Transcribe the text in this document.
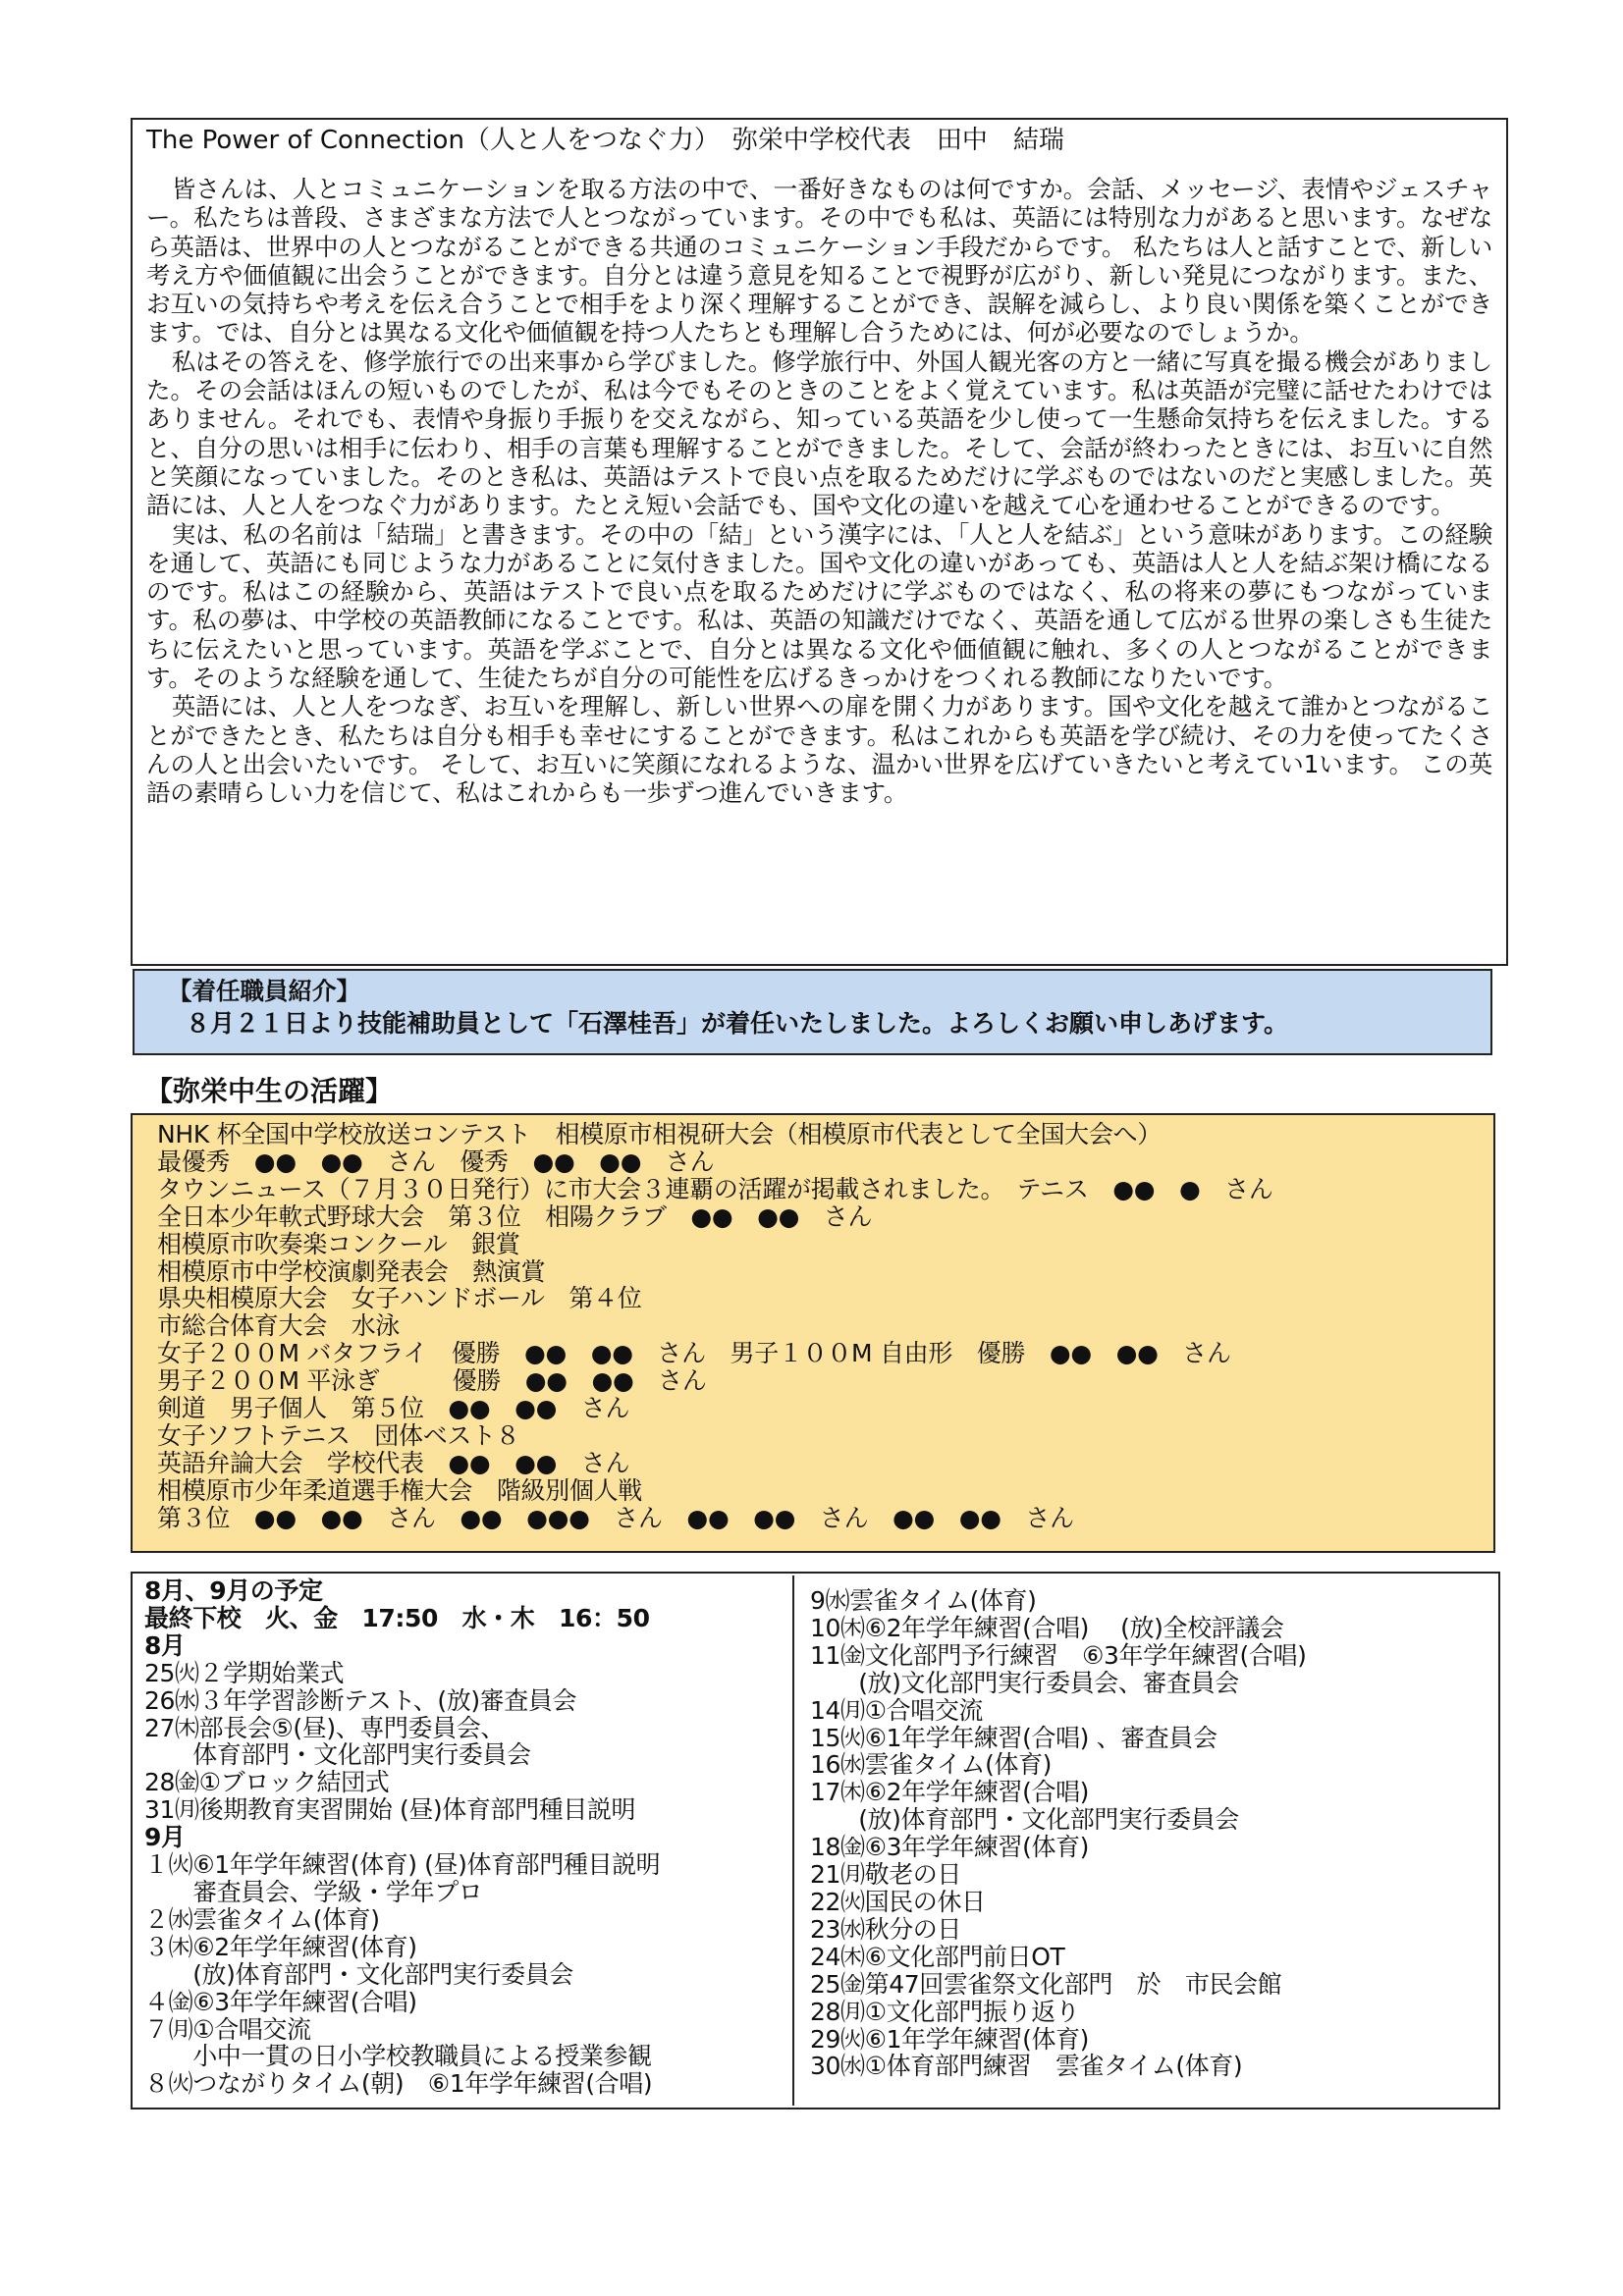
The Power of Connection（人と人をつなぐ力）　弥栄中学校代表　田中　結瑞

皆さんは、人とコミュニケーションを取る方法の中で、一番好きなものは何ですか。会話、メッセージ、表情やジェスチャー。私たちは普段、さまざまな方法で人とつながっています。その中でも私は、英語には特別な力があると思います。なぜなら英語は、世界中の人とつながることができる共通のコミュニケーション手段だからです。 私たちは人と話すことで、新しい考え方や価値観に出会うことができます。自分とは違う意見を知ることで視野が広がり、新しい発見につながります。また、お互いの気持ちや考えを伝え合うことで相手をより深く理解することができ、誤解を減らし、より良い関係を築くことができます。では、自分とは異なる文化や価値観を持つ人たちとも理解し合うためには、何が必要なのでしょうか。

私はその答えを、修学旅行での出来事から学びました。修学旅行中、外国人観光客の方と一緒に写真を撮る機会がありました。その会話はほんの短いものでしたが、私は今でもそのときのことをよく覚えています。私は英語が完璧に話せたわけではありません。それでも、表情や身振り手振りを交えながら、知っている英語を少し使って一生懸命気持ちを伝えました。すると、自分の思いは相手に伝わり、相手の言葉も理解することができました。そして、会話が終わったときには、お互いに自然と笑顔になっていました。そのとき私は、英語はテストで良い点を取るためだけに学ぶものではないのだと実感しました。英語には、人と人をつなぐ力があります。たとえ短い会話でも、国や文化の違いを越えて心を通わせることができるのです。

実は、私の名前は「結瑞」と書きます。その中の「結」という漢字には、「人と人を結ぶ」という意味があります。この経験を通して、英語にも同じような力があることに気付きました。国や文化の違いがあっても、英語は人と人を結ぶ架け橋になるのです。私はこの経験から、英語はテストで良い点を取るためだけに学ぶものではなく、私の将来の夢にもつながっています。私の夢は、中学校の英語教師になることです。私は、英語の知識だけでなく、英語を通して広がる世界の楽しさも生徒たちに伝えたいと思っています。英語を学ぶことで、自分とは異なる文化や価値観に触れ、多くの人とつながることができます。そのような経験を通して、生徒たちが自分の可能性を広げるきっかけをつくれる教師になりたいです。

英語には、人と人をつなぎ、お互いを理解し、新しい世界への扉を開く力があります。国や文化を越えて誰かとつながることができたとき、私たちは自分も相手も幸せにすることができます。私はこれからも英語を学び続け、その力を使ってたくさんの人と出会いたいです。 そして、お互いに笑顔になれるような、温かい世界を広げていきたいと考えてい1います。 この英語の素晴らしい力を信じて、私はこれからも一歩ずつ進んでいきます。

【着任職員紹介】
８月２１日より技能補助員として「石澤桂吾」が着任いたしました。よろしくお願い申しあげます。
【弥栄中生の活躍】
NHK 杯全国中学校放送コンテスト　相模原市相視研大会（相模原市代表として全国大会へ）
最優秀　●●　●●　さん　優秀　●●　●●　さん
タウンニュース（７月３０日発行）に市大会３連覇の活躍が掲載されました。　テニス　●●　●　さん
全日本少年軟式野球大会　第３位　相陽クラブ　●●　●●　さん
相模原市吹奏楽コンクール　銀賞
相模原市中学校演劇発表会　熱演賞
県央相模原大会　女子ハンドボール　第４位
市総合体育大会　水泳
女子２００M バタフライ　優勝　●●　●●　さん　男子１００M 自由形　優勝　●●　●●　さん
男子２００M 平泳ぎ　　　優勝　●●　●●　さん
剣道　男子個人　第５位　●●　●●　さん
女子ソフトテニス　団体ベスト８
英語弁論大会　学校代表　●●　●●　さん
相模原市少年柔道選手権大会　階級別個人戦
第３位　●●　●●　さん　●●　●●●　さん　●●　●●　さん　●●　●●　さん
8月、9月の予定
最終下校　火、金　17:50　水・木　16：50
8月
25㈫２学期始業式
26㈬３年学習診断テスト、(放)審査員会
27㈭部長会⑤(昼)、専門委員会、
　　体育部門・文化部門実行委員会
28㈮①ブロック結団式
31㈪後期教育実習開始 (昼)体育部門種目説明
9月
１㈫⑥1年学年練習(体育) (昼)体育部門種目説明
　　審査員会、学級・学年プロ
２㈬雲雀タイム(体育)
３㈭⑥2年学年練習(体育)
　　(放)体育部門・文化部門実行委員会
４㈮⑥3年学年練習(合唱)
７㈪①合唱交流
　　小中一貫の日小学校教職員による授業参観
８㈫つながりタイム(朝)　⑥1年学年練習(合唱)
9㈬雲雀タイム(体育)
10㈭⑥2年学年練習(合唱)　 (放)全校評議会
11㈮文化部門予行練習　⑥3年学年練習(合唱)
　　(放)文化部門実行委員会、審査員会
14㈪①合唱交流
15㈫⑥1年学年練習(合唱) 、審査員会
16㈬雲雀タイム(体育)
17㈭⑥2年学年練習(合唱)
　　(放)体育部門・文化部門実行委員会
18㈮⑥3年学年練習(体育)
21㈪敬老の日
22㈫国民の休日
23㈬秋分の日
24㈭⑥文化部門前日OT
25㈮第47回雲雀祭文化部門　於　市民会館
28㈪①文化部門振り返り
29㈫⑥1年学年練習(体育)
30㈬①体育部門練習　雲雀タイム(体育)
